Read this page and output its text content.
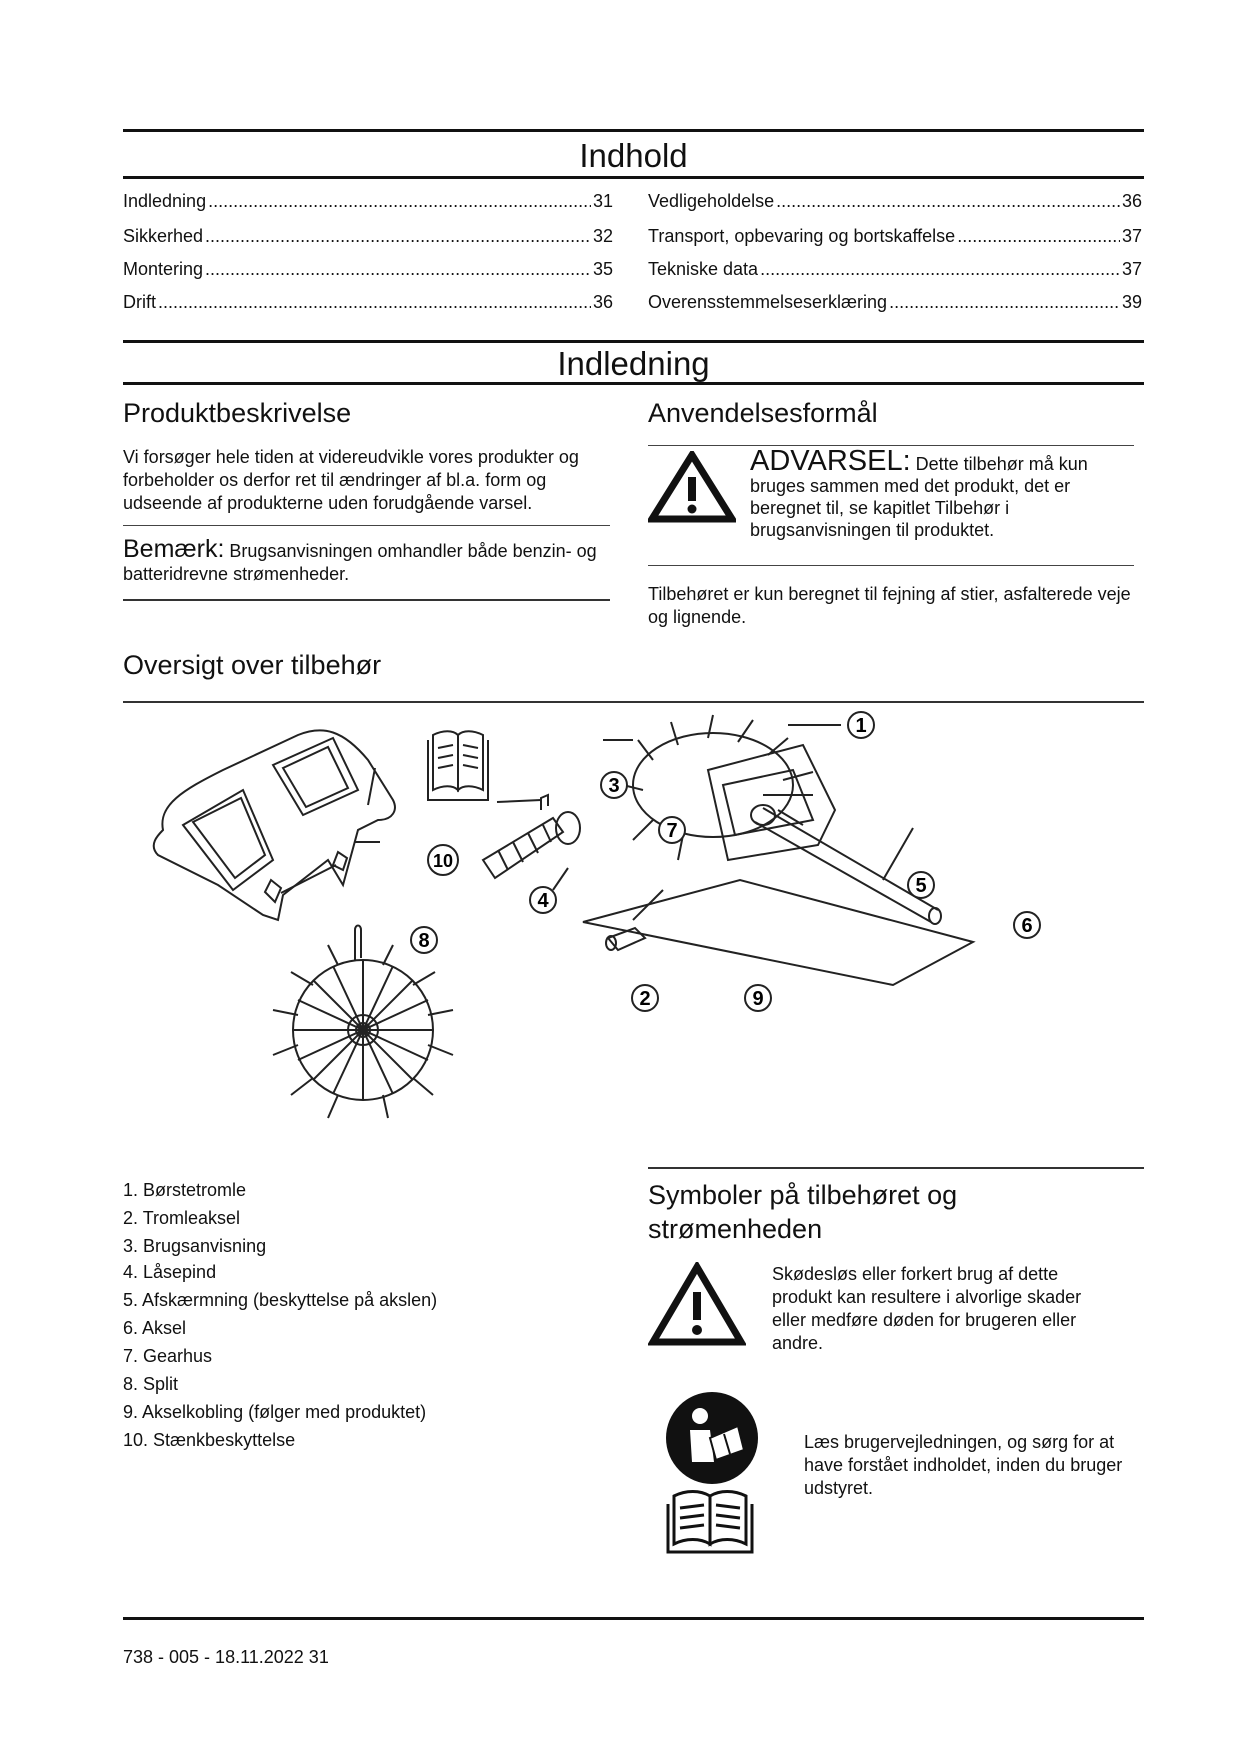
Indhold
Indledning .....	31
Sikkerhed .....	32
Montering .....	35
Drift .....	36
Vedligeholdelse .....	36
Transport, opbevaring og bortskaffelse .....	37
Tekniske data .....	37
Overensstemmelseserklæring .....	39
Indledning
Produktbeskrivelse
Vi forsøger hele tiden at videreudvikle vores produkter og forbeholder os derfor ret til ændringer af bl.a. form og udseende af produkterne uden forudgående varsel.
Bemærk: Brugsanvisningen omhandler både benzin- og batteridrevne strømenheder.
Anvendelsesformål
ADVARSEL: Dette tilbehør må kun
bruges sammen med det produkt, det er beregnet til, se kapitlet Tilbehør i brugsanvisningen til produktet.
Tilbehøret er kun beregnet til fejning af stier, asfalterede veje og lignende.
Oversigt over tilbehør
1
2
3
4
5
6
7
8
9
10
1. Børstetromle
2. Tromleaksel
3. Brugsanvisning
4. Låsepind
5. Afskærmning (beskyttelse på akslen)
6. Aksel
7. Gearhus
8. Split
9. Akselkobling (følger med produktet)
10. Stænkbeskyttelse
Symboler på tilbehøret og
strømenheden
Skødesløs eller forkert brug af dette produkt kan resultere i alvorlige skader eller medføre døden for brugeren eller andre.
Læs brugervejledningen, og sørg for at have forstået indholdet, inden du bruger udstyret.
738 - 005 - 18.11.2022 31
